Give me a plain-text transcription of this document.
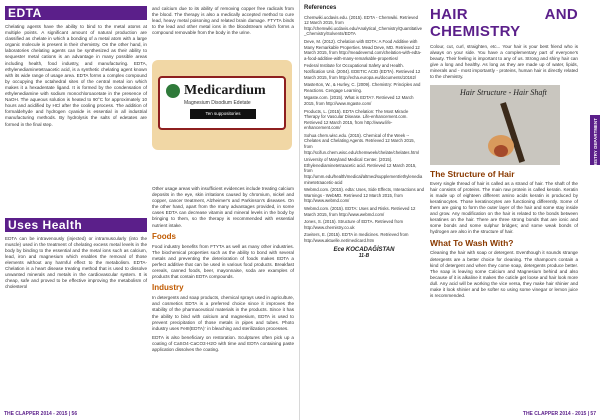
EDTA

Chelating agents have the ability to bind to the metal atoms at multiple points. A significant amount of natural production are classified as chelate in which a bonding of a metal atom with a large organic molecule is present in their chemistry. On the other hand, in laboratories chelating agents can be synthesized as their ability to sequester metal cations is an advantage in many possible areas including health, food industry, and manufacturing. EDTA, ethylenediaminetetraacetic acid, is a synthetic chelating agent known with its wide range of usage area. EDTA forms a complex compound by occupying the octahedral sites of the central metal ion which makes it a hexadentate ligand. It is formed by the condensation of ethylenediamine with sodium monochloroacetate in the presence of NaOH. The aqueous solution is heated to 90°C for approximately 10 hours and acidified by HCl after the cooling process. The addition of formaldehyde and hydrogen cyanide is essential in all industrial manufacturing methods. By hydrolysis the salts of edetates are formed in the final step.

Uses Health

EDTA can be intravenously (injected) or intramuscularly (into the muscle) used in the treatment of chelating excess metal levels in the body by binding to the essential and the metal ions such as calcium, lead, iron and magnesium which enables the removal of those elements without any harmful effect to the metabolism. EDTA- Chelation is a heart disease treating method that is used to dissolve unwanted minerals and metals in the cardiovascular system. It is cheap, safe and proved to be effective improving the metabolism of cholesterol

and calcium due to its ability of removing copper free radicals from the blood. The therapy is also a medically accepted method to cure lead, heavy metal poisoning and related brain damage. FTYTA binds to the lead and other metal ions in the bloodstream which forms a compound removable from the body in the urine.

Medicardium
Magnesium Disodium Edetate
Ten suppositories

Other usage areas with insufficient evidences include treating calcium deposits in the eye, skin irritations caused by chromium, nickel and copper, cancer treatment, Alzheimer's and Parkinson's diseases. On the other hand, apart from the many advantages provided, in some cases EDTA can decrease vitamin and mineral levels in the body by bringing to them, so the therapy is recommended with essential nutrient intake.

Foods

Food industry benefits from FTYTA as well as many other industries. The biochemical properties such as the ability to bond with several metals and preventing the deterioration of foods makes EDTA a perfect additive that can be used in various food products. Breakfast cereals, canned foods, beer, mayonnaise, soda are examples of products that contain EDTA compounds.

Industry

In detergents and soap products, chemical sprays used in agriculture, and cosmetics EDTA is a preferred choice since it improves the stability of the pharmaceutical materials in the products. Since it has the ability to bind with calcium and magnesium, EDTA is used to prevent precipitation of those metals in pipes and tubes. Photo industry uses FeIII(EDTA)ˉ in bleaching and sterilization processes.

EDTA is also beneficiary on restoration. Sculptures often pick up a coating of CaSO4·CaCO3·H2O with time and EDTA containing paste application dissolves the coating.

THE CLAPPER 2014 - 2015 | 56
References
Chemwiki.ucdavis.edu. (2015). EDTA - Chemwiki. Retrieved 12 March 2015, from http://chemwiki.ucdavis.edu/Analytical_Chemistry/Quantitative_Chemistry/Solvents/EDTA
Deve, M. (2012). Chelation with EDTA: A Food Additive with Many Remarkable Properties. Mead Deve, MD. Retrieved 12 March 2015, from http://meadevemd.com/chelation-with-edta-a-food-additive-with-many-remarkable-properties/
Federal Institute for Occupational Safety and Health. Notification Unit. (2004). EDETIC ACID (EDTA). Retrieved 12 March 2015, from http://echa.europa.eu/documents/10162/
Masterton, W., & Hurley, C. (2009). Chemistry: Principles and Reactions. Cengage Learning.
Mgaste.com. (2015). What is EDTA?. Retrieved 12 March 2015, from http://www.mgaste.com/
Products, L. (2015). EDTA Chelation: The Most Miracle Therapy for Vascular Disease. Life-enhancement.com. Retrieved 12 March 2015, from http://www.life-enhancement.com/
Sohua chem.wisc.edu. (2015). Chemical of the Week -- Chelates and Chelating Agents. Retrieved 12 March 2015, from http://scifun.chem.wisc.edu/chemweek/chelate/chelates.html
University of Maryland Medical Center. (2015). Ethylenediaminetetraacetic acid. Retrieved 12 March 2015, from http://umm.edu/health/medical/altmed/supplement/ethylenediaminetetraacetic-acid
Webmd.com. (2015). edta: Uses, Side Effects, Interactions and Warnings - WebMD. Retrieved 12 March 2015, from http://www.webmd.com/
Webmd.com. (2015). EDTA: Uses and Risks. Retrieved 12 March 2015, from http://www.webmd.com/
Jones, S. (2015). Structure of EDTA. Retrieved from http://www.chemistry.co.uk
Zoeiters, E. (2015). EDTA in medicines. Retrieved from http://www.aktuelle.net/medicard.htm
Ece KOCADAĞİSTAN
11-B
HAIR AND CHEMISTRY

Colour, cut, curl, straighten, etc... Your hair is your best friend who is always on your side. You have a complementary part of everyone's beauty. Their feeling is important to any of us. Strong and shiny hair can give a long and healthy. As long as they are made up of water, lipids, minerals and - most importantly - proteins, human hair is directly related to the chemistry.

Hair Structure - Hair Shaft
The Structure of Hair

Every single thread of hair is called as a strand of hair. The shaft of the hair consists of proteins. The main raw protein is called keratin. Keratin is made up of eighteen different amino acids keratin is produced by keratinocytes. Those keratinocytes are functioning differently. Some of them are going to form the outer layer of the hair and some stay inside and grow. Any modification on the hair is related to the bonds between keratines on the hair. There are three strong bonds that are ionic and some bonds and some sulphur bridges; and some weak bonds of hydrogen are also in the structure of hair.

What To Wash With?

Cleaning the hair with soap or detergent. Eventhough it sounds strange detergents are a better choice for cleaning. The shampoo's contain a kind of detergent and when they come soap, detergents produce better. The soap is leaving some Calcium and Magnesium behind and also because of it is alkaline it makes the cuticle get loose and hair look more dull. Any acid will be working the vice versa, they make hair shinier and make it look shinier and be softer so using some vinegar or lemon juice is recommended.

CHEMISTRY DEPARTMENT
THE CLAPPER 2014 - 2015 | 57
